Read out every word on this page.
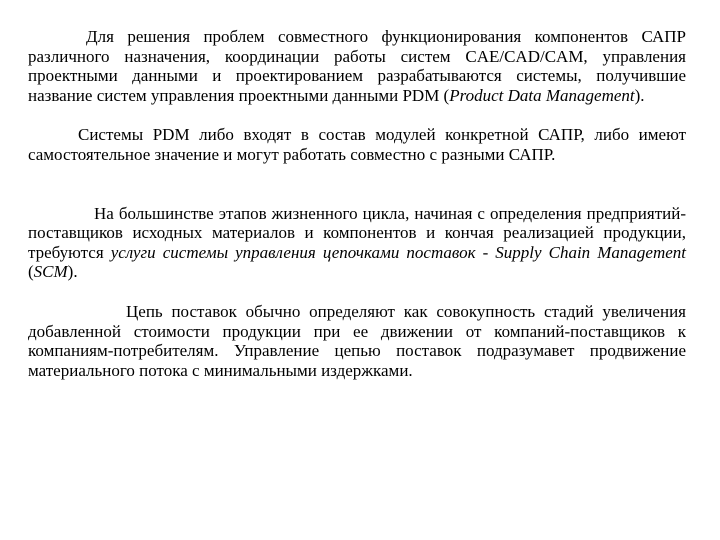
Для решения проблем совместного функционирования компонентов САПР различного назначения, координации работы систем CAE/CAD/CAM, управления проектными данными и проектированием разрабатываются системы, получившие название систем управления проектными данными PDM (Product Data Management).

Системы PDM либо входят в состав модулей конкретной САПР, либо имеют самостоятельное значение и могут работать совместно с разными САПР.

На большинстве этапов жизненного цикла, начиная с определения предприятий-поставщиков исходных материалов и компонентов и кончая реализацией продукции, требуются услуги системы управления цепочками поставок - Supply Chain Management (SCM).

Цепь поставок обычно определяют как совокупность стадий увеличения добавленной стоимости продукции при ее движении от компаний-поставщиков к компаниям-потребителям. Управление цепью поставок подразумавет продвижение материального потока с минимальными издержками.
